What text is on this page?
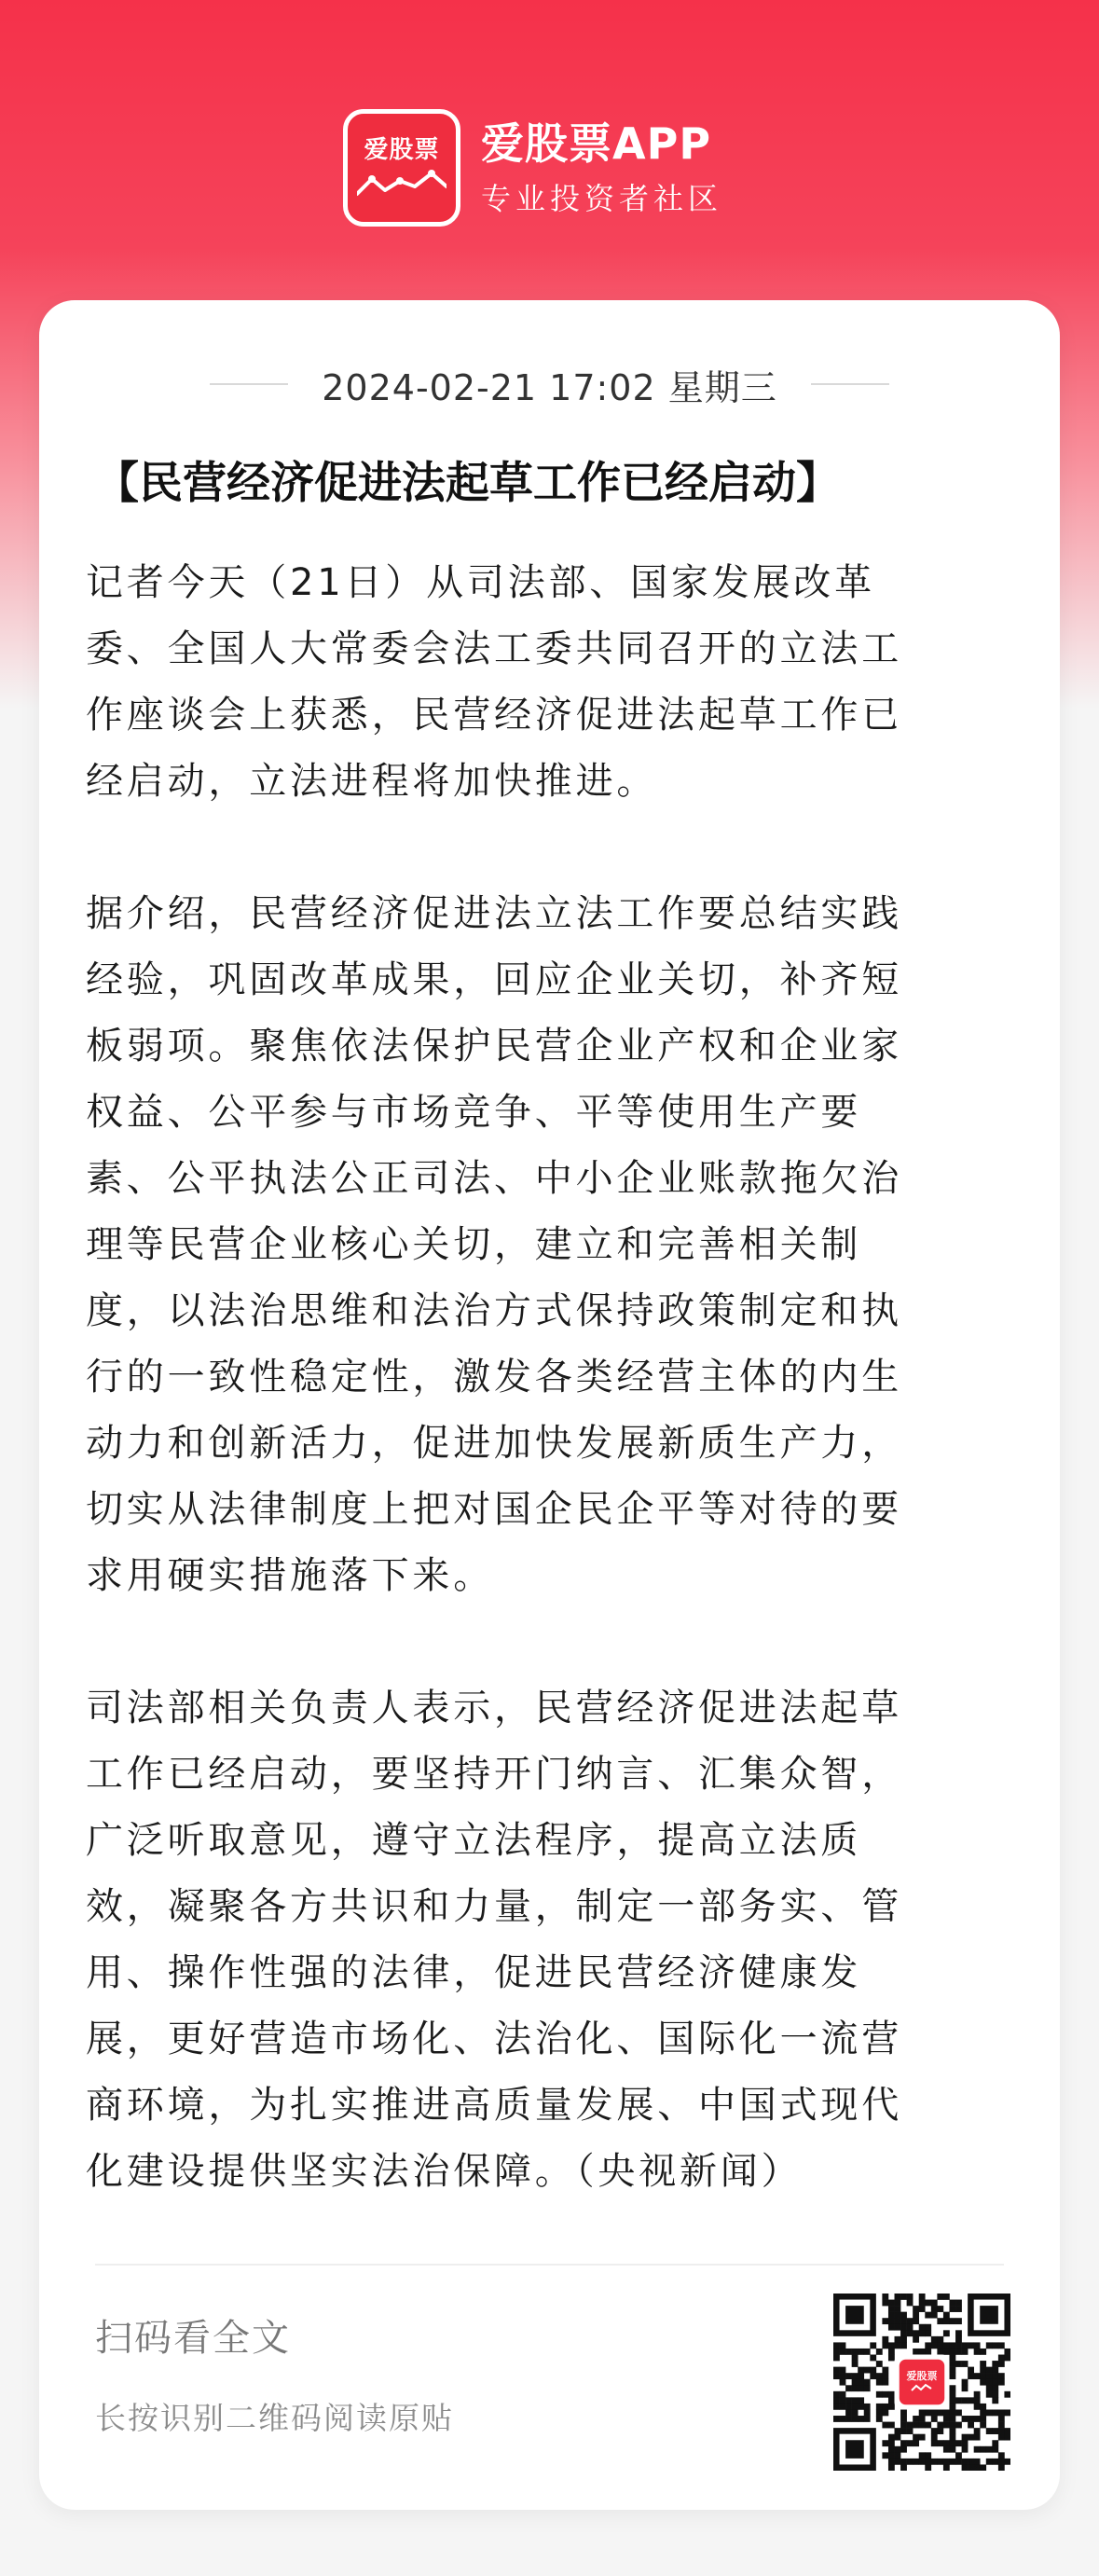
爱股票 爱股票APP
专业投资者社区
2024-02-21 17:02 星期三
【民营经济促进法起草工作已经启动】

记者今天（21日）从司法部、国家发展改革
委、全国人大常委会法工委共同召开的立法工
作座谈会上获悉，民营经济促进法起草工作已
经启动，立法进程将加快推进。

据介绍，民营经济促进法立法工作要总结实践
经验，巩固改革成果，回应企业关切，补齐短
板弱项。聚焦依法保护民营企业产权和企业家
权益、公平参与市场竞争、平等使用生产要
素、公平执法公正司法、中小企业账款拖欠治
理等民营企业核心关切，建立和完善相关制
度，以法治思维和法治方式保持政策制定和执
行的一致性稳定性，激发各类经营主体的内生
动力和创新活力，促进加快发展新质生产力，
切实从法律制度上把对国企民企平等对待的要
求用硬实措施落下来。

司法部相关负责人表示，民营经济促进法起草
工作已经启动，要坚持开门纳言、汇集众智，
广泛听取意见，遵守立法程序，提高立法质
效，凝聚各方共识和力量，制定一部务实、管
用、操作性强的法律，促进民营经济健康发
展，更好营造市场化、法治化、国际化一流营
商环境，为扎实推进高质量发展、中国式现代
化建设提供坚实法治保障。（央视新闻）

扫码看全文
长按识别二维码阅读原贴
爱股票
